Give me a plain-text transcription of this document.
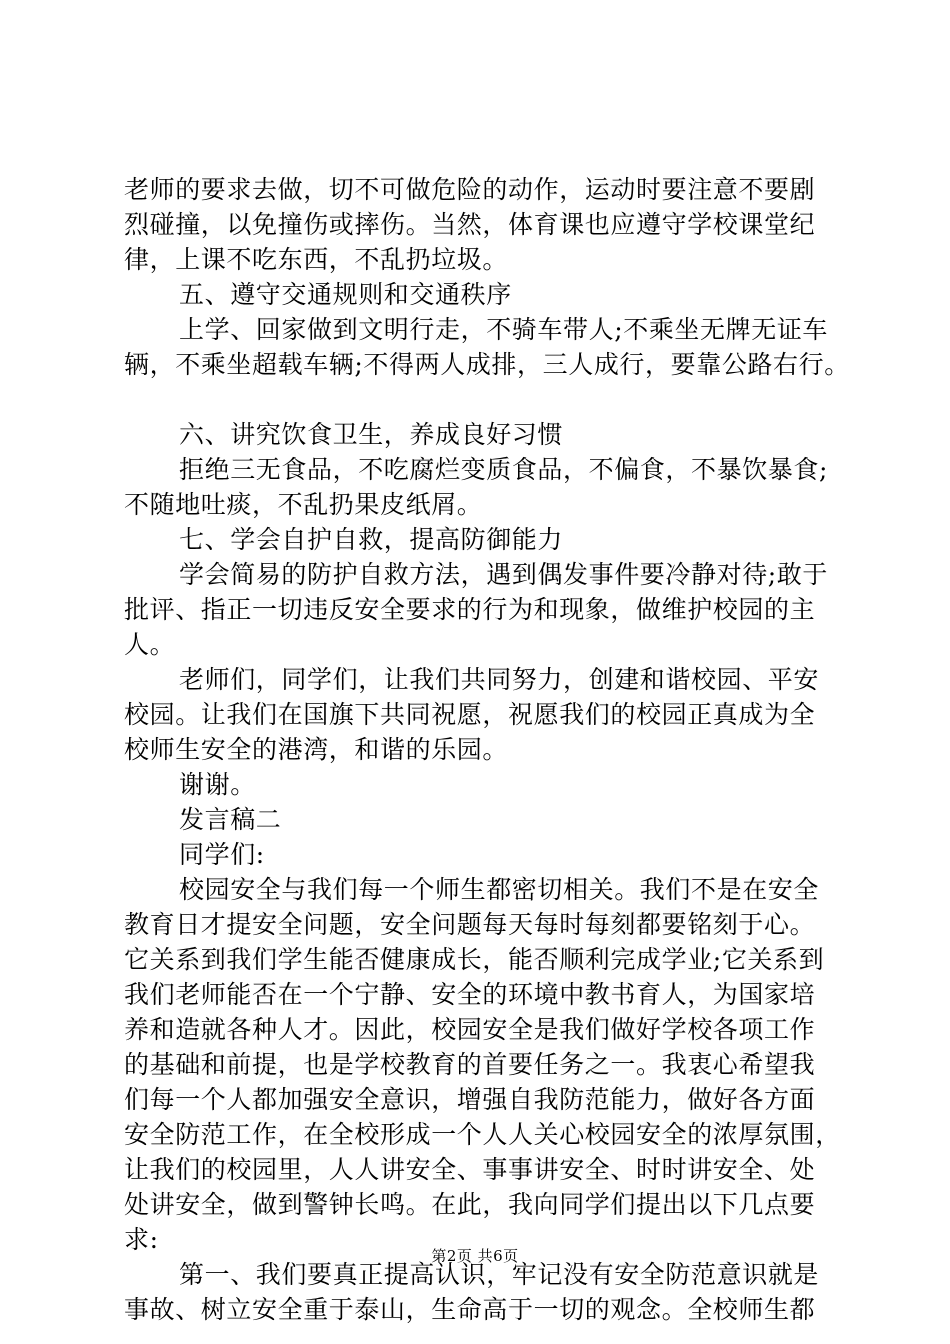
老师的要求去做，切不可做危险的动作，运动时要注意不要剧
烈碰撞，以免撞伤或摔伤。当然，体育课也应遵守学校课堂纪
律，上课不吃东西，不乱扔垃圾。
五、遵守交通规则和交通秩序
上学、回家做到文明行走，不骑车带人;不乘坐无牌无证车
辆，不乘坐超载车辆;不得两人成排，三人成行，要靠公路右行。
六、讲究饮食卫生，养成良好习惯
拒绝三无食品，不吃腐烂变质食品，不偏食，不暴饮暴食;
不随地吐痰，不乱扔果皮纸屑。
七、学会自护自救，提高防御能力
学会简易的防护自救方法，遇到偶发事件要冷静对待;敢于
批评、指正一切违反安全要求的行为和现象，做维护校园的主
人。
老师们，同学们，让我们共同努力，创建和谐校园、平安
校园。让我们在国旗下共同祝愿，祝愿我们的校园正真成为全
校师生安全的港湾，和谐的乐园。
谢谢。
发言稿二
同学们:
校园安全与我们每一个师生都密切相关。我们不是在安全
教育日才提安全问题，安全问题每天每时每刻都要铭刻于心。
它关系到我们学生能否健康成长，能否顺利完成学业;它关系到
我们老师能否在一个宁静、安全的环境中教书育人，为国家培
养和造就各种人才。因此，校园安全是我们做好学校各项工作
的基础和前提，也是学校教育的首要任务之一。我衷心希望我
们每一个人都加强安全意识，增强自我防范能力，做好各方面
安全防范工作，在全校形成一个人人关心校园安全的浓厚氛围，
让我们的校园里，人人讲安全、事事讲安全、时时讲安全、处
处讲安全，做到警钟长鸣。在此，我向同学们提出以下几点要
求:
第一、我们要真正提高认识，牢记没有安全防范意识就是
事故、树立安全重于泰山，生命高于一切的观念。全校师生都
第2页 共6页
